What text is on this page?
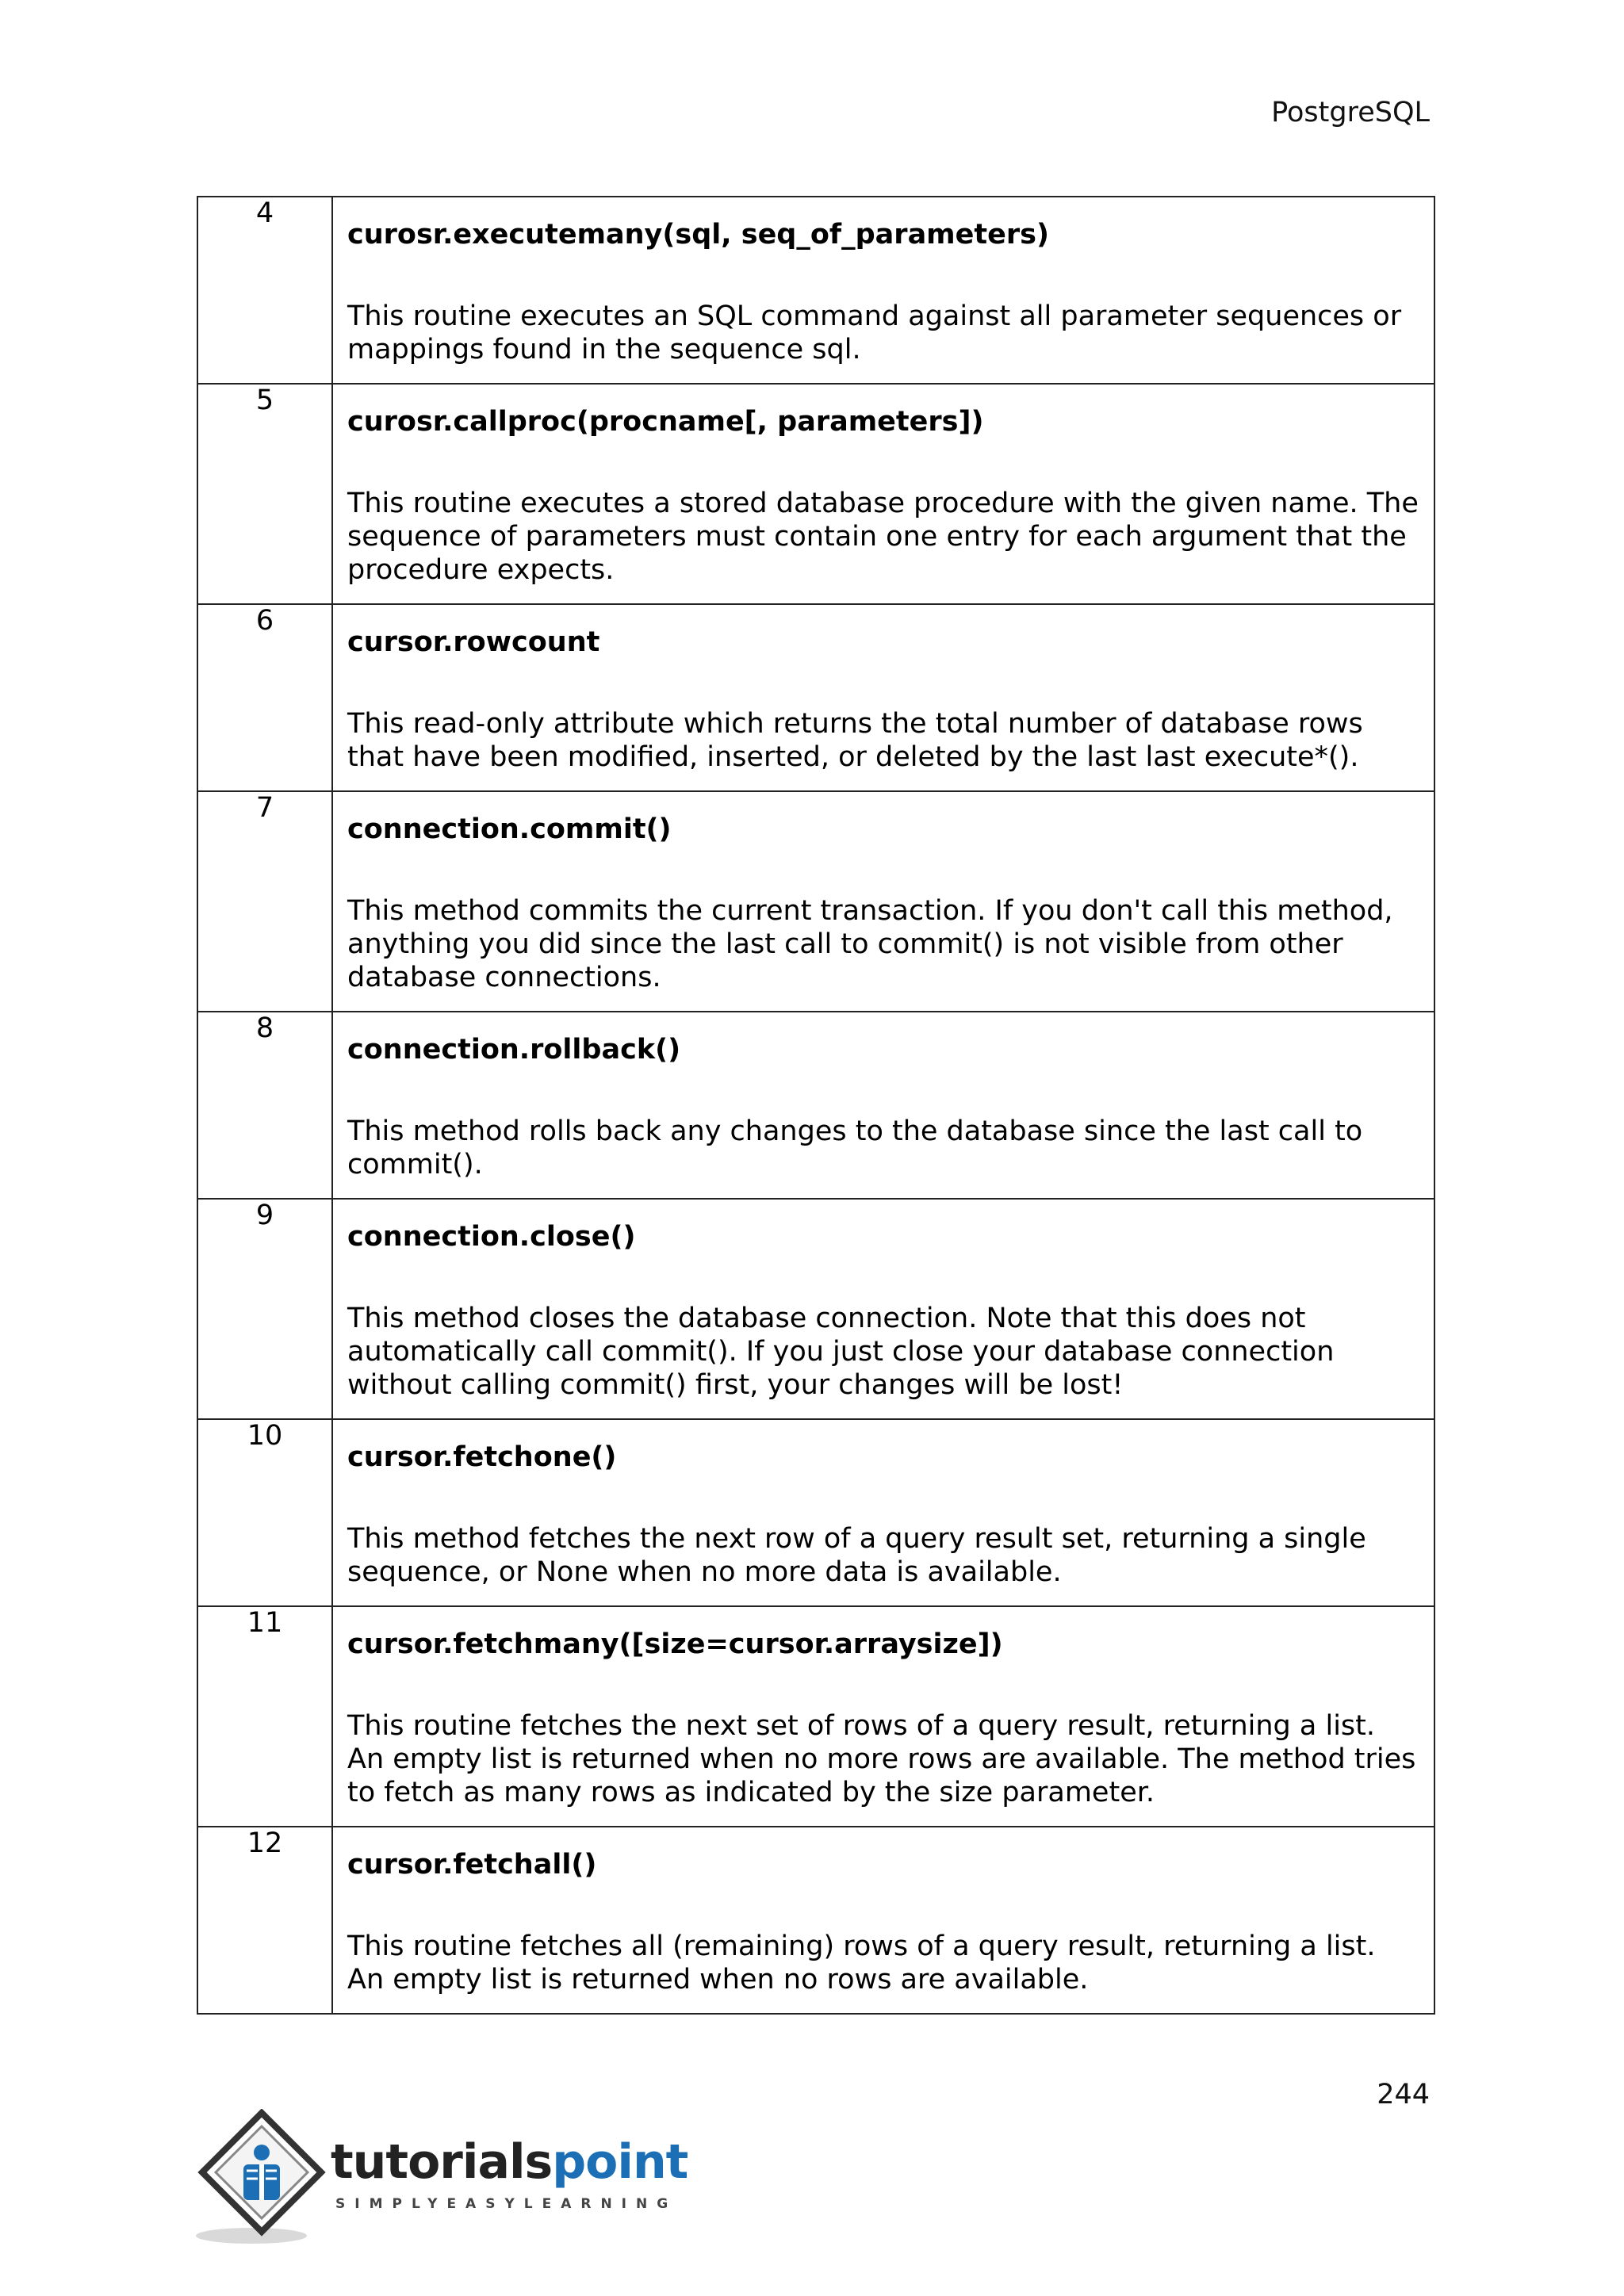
PostgreSQL
4	curosr.executemany(sql, seq_of_parameters)
This routine executes an SQL command against all parameter sequences or mappings found in the sequence sql.

5	curosr.callproc(procname[, parameters])
This routine executes a stored database procedure with the given name. The sequence of parameters must contain one entry for each argument that the procedure expects.

6	cursor.rowcount
This read-only attribute which returns the total number of database rows that have been modified, inserted, or deleted by the last last execute*().

7	connection.commit()
This method commits the current transaction. If you don't call this method, anything you did since the last call to commit() is not visible from other database connections.

8	connection.rollback()
This method rolls back any changes to the database since the last call to commit().

9	connection.close()
This method closes the database connection. Note that this does not automatically call commit(). If you just close your database connection without calling commit() first, your changes will be lost!

10	cursor.fetchone()
This method fetches the next row of a query result set, returning a single sequence, or None when no more data is available.

11	cursor.fetchmany([size=cursor.arraysize])
This routine fetches the next set of rows of a query result, returning a list. An empty list is returned when no more rows are available. The method tries to fetch as many rows as indicated by the size parameter.

12	cursor.fetchall()
This routine fetches all (remaining) rows of a query result, returning a list. An empty list is returned when no rows are available.
244
tutorialspoint
SIMPLYEASYLEARNING
